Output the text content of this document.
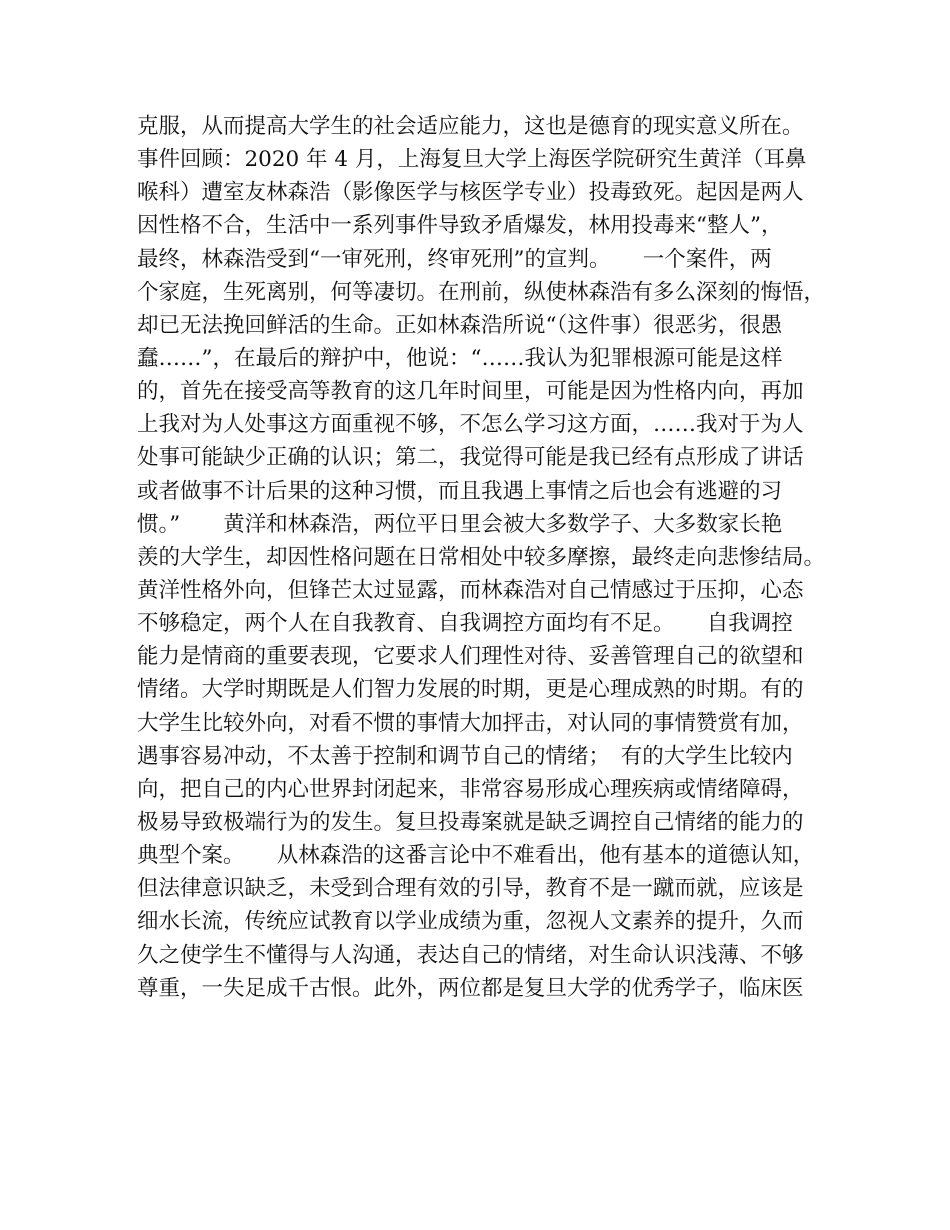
克服，从而提高大学生的社会适应能力，这也是德育的现实意义所在。
事件回顾：2020 年 4 月，上海复旦大学上海医学院研究生黄洋（耳鼻
喉科）遭室友林森浩（影像医学与核医学专业）投毒致死。起因是两人
因性格不合，生活中一系列事件导致矛盾爆发，林用投毒来“整人”，
最终，林森浩受到“一审死刑，终审死刑”的宣判。　　一个案件，两
个家庭，生死离别，何等凄切。在刑前，纵使林森浩有多么深刻的悔悟，
却已无法挽回鲜活的生命。正如林森浩所说“（这件事）很恶劣，很愚
蠢……”，在最后的辩护中，他说：“……我认为犯罪根源可能是这样
的，首先在接受高等教育的这几年时间里，可能是因为性格内向，再加
上我对为人处事这方面重视不够，不怎么学习这方面，……我对于为人
处事可能缺少正确的认识；第二，我觉得可能是我已经有点形成了讲话
或者做事不计后果的这种习惯，而且我遇上事情之后也会有逃避的习
惯。”　　黄洋和林森浩，两位平日里会被大多数学子、大多数家长艳
羡的大学生，却因性格问题在日常相处中较多摩擦，最终走向悲惨结局。
黄洋性格外向，但锋芒太过显露，而林森浩对自己情感过于压抑，心态
不够稳定，两个人在自我教育、自我调控方面均有不足。　　自我调控
能力是情商的重要表现，它要求人们理性对待、妥善管理自己的欲望和
情绪。大学时期既是人们智力发展的时期，更是心理成熟的时期。有的
大学生比较外向，对看不惯的事情大加抨击，对认同的事情赞赏有加，
遇事容易冲动，不太善于控制和调节自己的情绪；　有的大学生比较内
向，把自己的内心世界封闭起来，非常容易形成心理疾病或情绪障碍，
极易导致极端行为的发生。复旦投毒案就是缺乏调控自己情绪的能力的
典型个案。　　从林森浩的这番言论中不难看出，他有基本的道德认知，
但法律意识缺乏，未受到合理有效的引导，教育不是一蹴而就，应该是
细水长流，传统应试教育以学业成绩为重，忽视人文素养的提升，久而
久之使学生不懂得与人沟通，表达自己的情绪，对生命认识浅薄、不够
尊重，一失足成千古恨。此外，两位都是复旦大学的优秀学子，临床医
